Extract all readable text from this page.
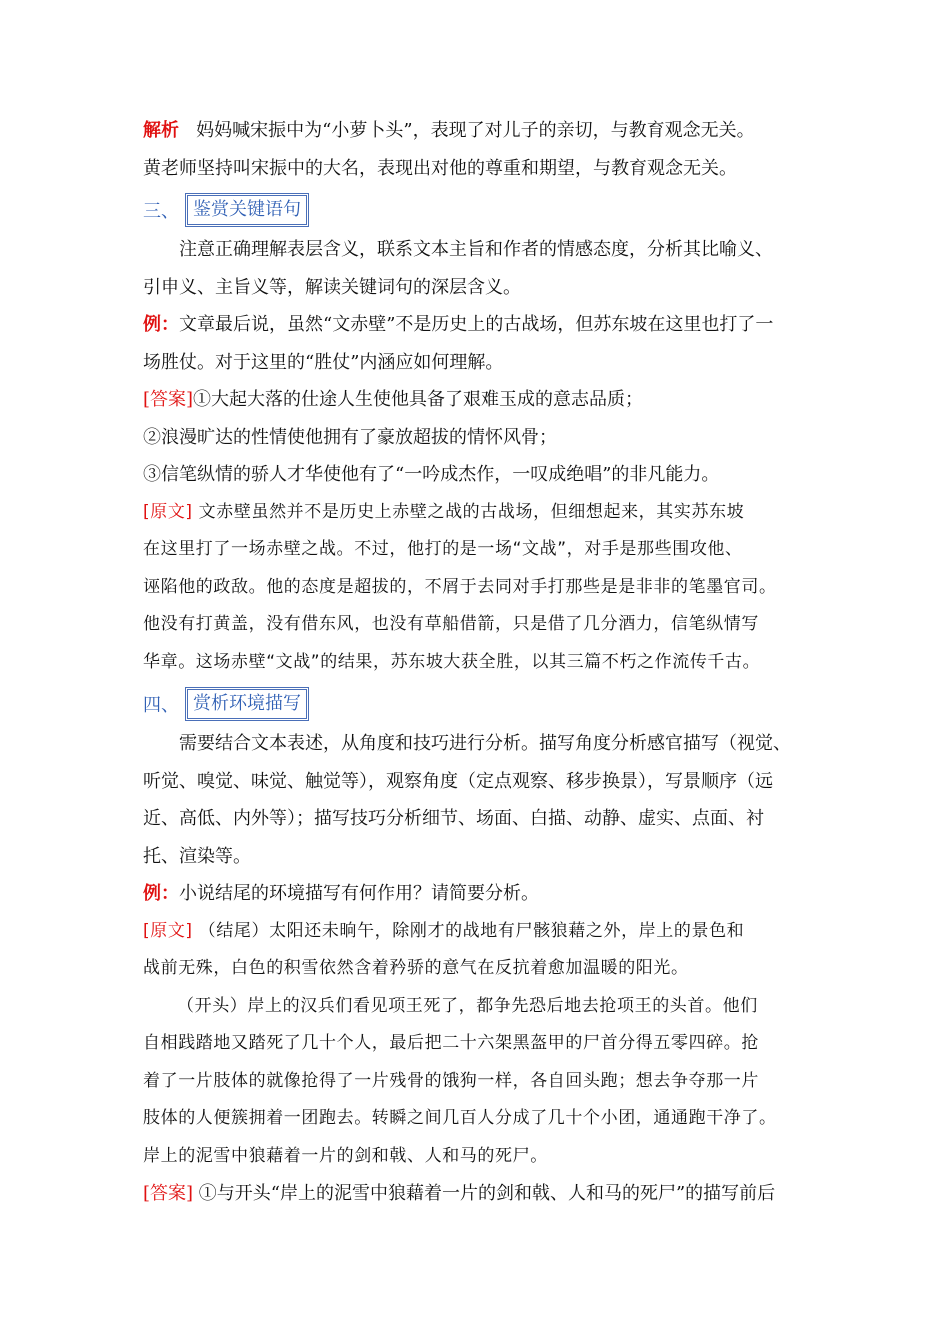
解析 妈妈喊宋振中为“小萝卜头”，表现了对儿子的亲切，与教育观念无关。

黄老师坚持叫宋振中的大名，表现出对他的尊重和期望，与教育观念无关。

三、 鉴赏关键语句

注意正确理解表层含义，联系文本主旨和作者的情感态度，分析其比喻义、

引申义、主旨义等，解读关键词句的深层含义。

例：文章最后说，虽然“文赤壁”不是历史上的古战场，但苏东坡在这里也打了一

场胜仗。对于这里的“胜仗”内涵应如何理解。

[答案]①大起大落的仕途人生使他具备了艰难玉成的意志品质；

②浪漫旷达的性情使他拥有了豪放超拔的情怀风骨；

③信笔纵情的骄人才华使他有了“一吟成杰作，一叹成绝唱”的非凡能力。

[原文] 文赤壁虽然并不是历史上赤壁之战的古战场，但细想起来，其实苏东坡

在这里打了一场赤壁之战。不过，他打的是一场“文战”，对手是那些围攻他、

诬陷他的政敌。他的态度是超拔的，不屑于去同对手打那些是是非非的笔墨官司。

他没有打黄盖，没有借东风，也没有草船借箭，只是借了几分酒力，信笔纵情写

华章。这场赤壁“文战”的结果，苏东坡大获全胜，以其三篇不朽之作流传千古。

四、 赏析环境描写

需要结合文本表述，从角度和技巧进行分析。描写角度分析感官描写（视觉、

听觉、嗅觉、味觉、触觉等），观察角度（定点观察、移步换景），写景顺序（远

近、高低、内外等）；描写技巧分析细节、场面、白描、动静、虚实、点面、衬

托、渲染等。

例：小说结尾的环境描写有何作用？请简要分析。

[原文] （结尾）太阳还未晌午，除刚才的战地有尸骸狼藉之外，岸上的景色和

战前无殊，白色的积雪依然含着矜骄的意气在反抗着愈加温暖的阳光。

（开头）岸上的汉兵们看见项王死了，都争先恐后地去抢项王的头首。他们

自相践踏地又踏死了几十个人，最后把二十六架黑盔甲的尸首分得五零四碎。抢

着了一片肢体的就像抢得了一片残骨的饿狗一样，各自回头跑；想去争夺那一片

肢体的人便簇拥着一团跑去。转瞬之间几百人分成了几十个小团，通通跑干净了。

岸上的泥雪中狼藉着一片的剑和戟、人和马的死尸。

[答案] ①与开头“岸上的泥雪中狼藉着一片的剑和戟、人和马的死尸”的描写前后
